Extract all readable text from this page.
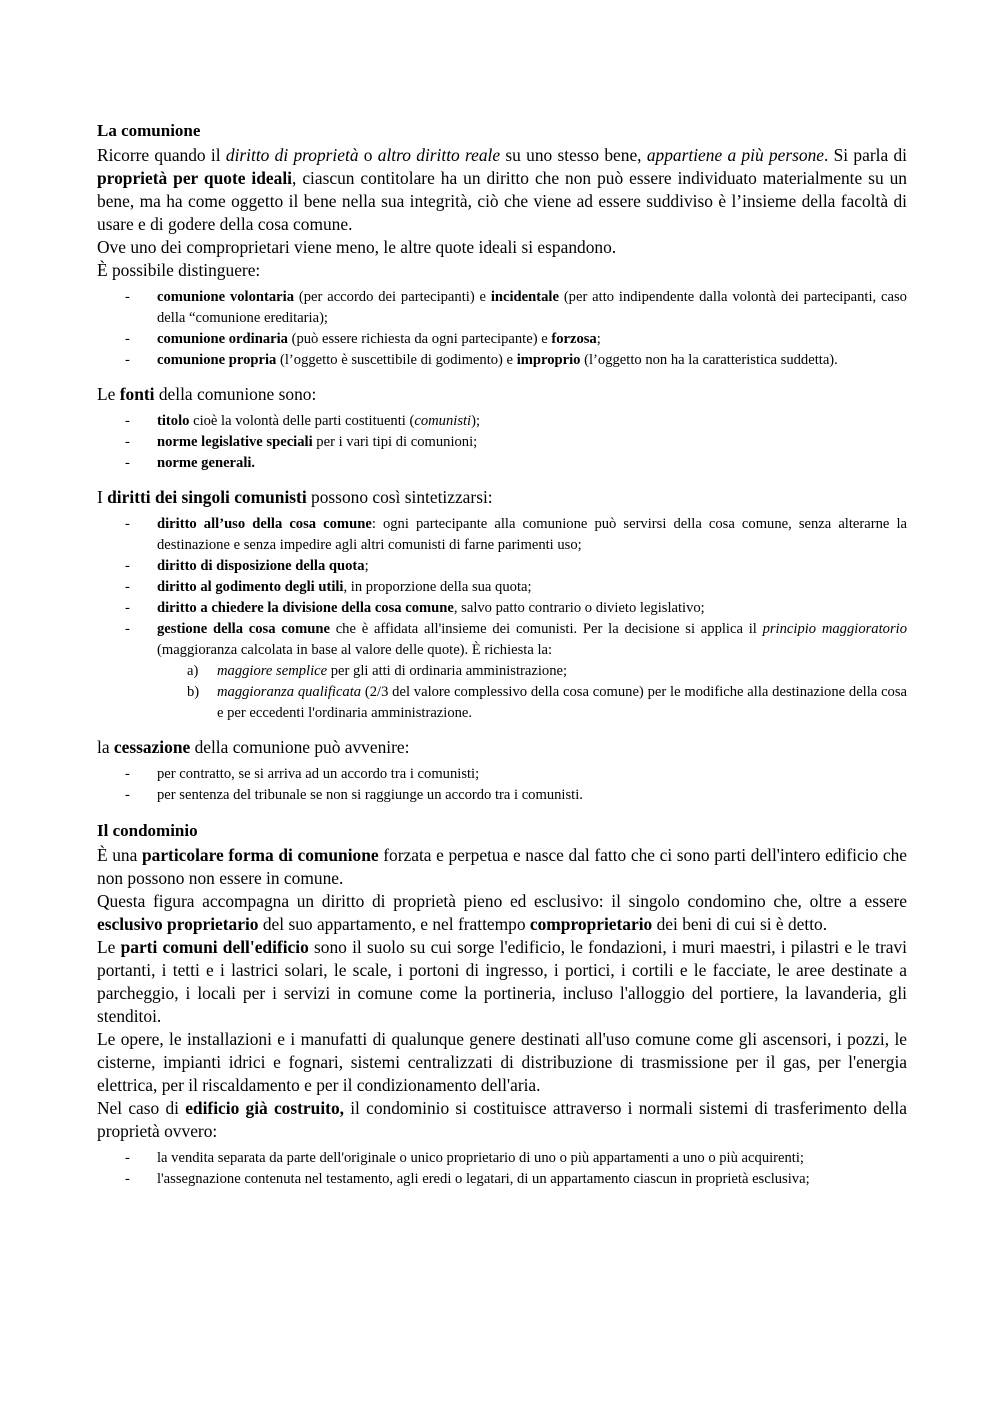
La comunione

Ricorre quando il diritto di proprietà o altro diritto reale su uno stesso bene, appartiene a più persone. Si parla di proprietà per quote ideali, ciascun contitolare ha un diritto che non può essere individuato materialmente su un bene, ma ha come oggetto il bene nella sua integrità, ciò che viene ad essere suddiviso è l’insieme della facoltà di usare e di godere della cosa comune.

Ove uno dei comproprietari viene meno, le altre quote ideali si espandono.

È possibile distinguere:

- comunione volontaria (per accordo dei partecipanti) e incidentale (per atto indipendente dalla volontà dei partecipanti, caso della “comunione ereditaria);
- comunione ordinaria (può essere richiesta da ogni partecipante) e forzosa;
- comunione propria (l’oggetto è suscettibile di godimento) e improprio (l’oggetto non ha la caratteristica suddetta).

Le fonti della comunione sono:

- titolo cioè la volontà delle parti costituenti (comunisti);
- norme legislative speciali per i vari tipi di comunioni;
- norme generali.

I diritti dei singoli comunisti possono così sintetizzarsi:

- diritto all’uso della cosa comune: ogni partecipante alla comunione può servirsi della cosa comune, senza alterarne la destinazione e senza impedire agli altri comunisti di farne parimenti uso;
- diritto di disposizione della quota;
- diritto al godimento degli utili, in proporzione della sua quota;
- diritto a chiedere la divisione della cosa comune, salvo patto contrario o divieto legislativo;
- gestione della cosa comune che è affidata all'insieme dei comunisti. Per la decisione si applica il principio maggioratorio (maggioranza calcolata in base al valore delle quote). È richiesta la:
a) maggiore semplice per gli atti di ordinaria amministrazione;
b) maggioranza qualificata (2/3 del valore complessivo della cosa comune) per le modifiche alla destinazione della cosa e per eccedenti l'ordinaria amministrazione.

la cessazione della comunione può avvenire:

- per contratto, se si arriva ad un accordo tra i comunisti;
- per sentenza del tribunale se non si raggiunge un accordo tra i comunisti.
Il condominio

È una particolare forma di comunione forzata e perpetua e nasce dal fatto che ci sono parti dell'intero edificio che non possono non essere in comune.

Questa figura accompagna un diritto di proprietà pieno ed esclusivo: il singolo condomino che, oltre a essere esclusivo proprietario del suo appartamento, e nel frattempo comproprietario dei beni di cui si è detto.

Le parti comuni dell'edificio sono il suolo su cui sorge l'edificio, le fondazioni, i muri maestri, i pilastri e le travi portanti, i tetti e i lastrici solari, le scale, i portoni di ingresso, i portici, i cortili e le facciate, le aree destinate a parcheggio, i locali per i servizi in comune come la portineria, incluso l'alloggio del portiere, la lavanderia, gli stenditoi.

Le opere, le installazioni e i manufatti di qualunque genere destinati all'uso comune come gli ascensori, i pozzi, le cisterne, impianti idrici e fognari, sistemi centralizzati di distribuzione di trasmissione per il gas, per l'energia elettrica, per il riscaldamento e per il condizionamento dell'aria.

Nel caso di edificio già costruito, il condominio si costituisce attraverso i normali sistemi di trasferimento della proprietà ovvero:

- la vendita separata da parte dell'originale o unico proprietario di uno o più appartamenti a uno o più acquirenti;
- l'assegnazione contenuta nel testamento, agli eredi o legatari, di un appartamento ciascun in proprietà esclusiva;
